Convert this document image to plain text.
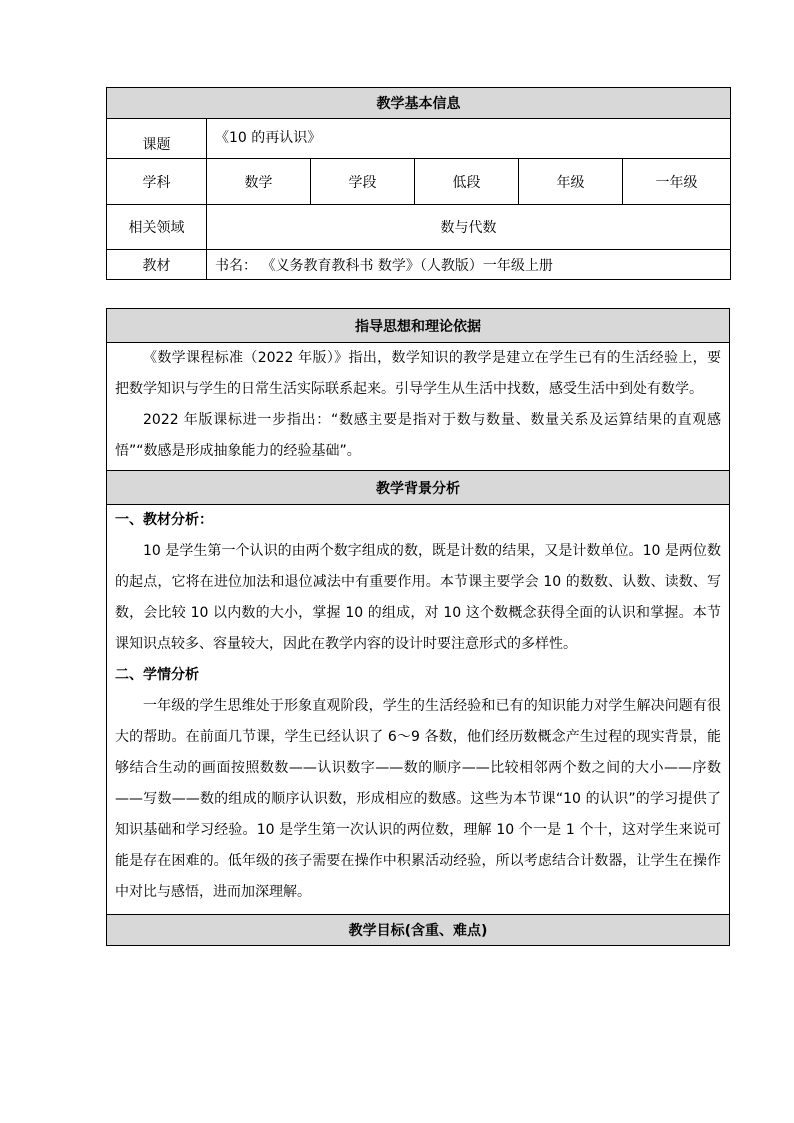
教学基本信息					
课题	《10 的再认识》				
学科	数学	学段	低段	年级	一年级
相关领域	数与代数				
教材	书名： 《义务教育教科书 数学》（人教版）一年级上册				
指导思想和理论依据

《数学课程标准（2022 年版）》指出，数学知识的教学是建立在学生已有的生活经验上，要把数学知识与学生的日常生活实际联系起来。引导学生从生活中找数，感受生活中到处有数学。

2022 年版课标进一步指出：“数感主要是指对于数与数量、数量关系及运算结果的直观感悟”“数感是形成抽象能力的经验基础”。

教学背景分析

一、教材分析：

10 是学生第一个认识的由两个数字组成的数，既是计数的结果，又是计数单位。10 是两位数的起点，它将在进位加法和退位减法中有重要作用。本节课主要学会 10 的数数、认数、读数、写数，会比较 10 以内数的大小，掌握 10 的组成，对 10 这个数概念获得全面的认识和掌握。本节课知识点较多、容量较大，因此在教学内容的设计时要注意形式的多样性。

二、学情分析

一年级的学生思维处于形象直观阶段，学生的生活经验和已有的知识能力对学生解决问题有很大的帮助。在前面几节课，学生已经认识了 6～9 各数，他们经历数概念产生过程的现实背景，能够结合生动的画面按照数数——认识数字——数的顺序——比较相邻两个数之间的大小——序数——写数——数的组成的顺序认识数，形成相应的数感。这些为本节课“10 的认识”的学习提供了知识基础和学习经验。10 是学生第一次认识的两位数，理解 10 个一是 1 个十，这对学生来说可能是存在困难的。低年级的孩子需要在操作中积累活动经验，所以考虑结合计数器，让学生在操作中对比与感悟，进而加深理解。

教学目标(含重、难点)
